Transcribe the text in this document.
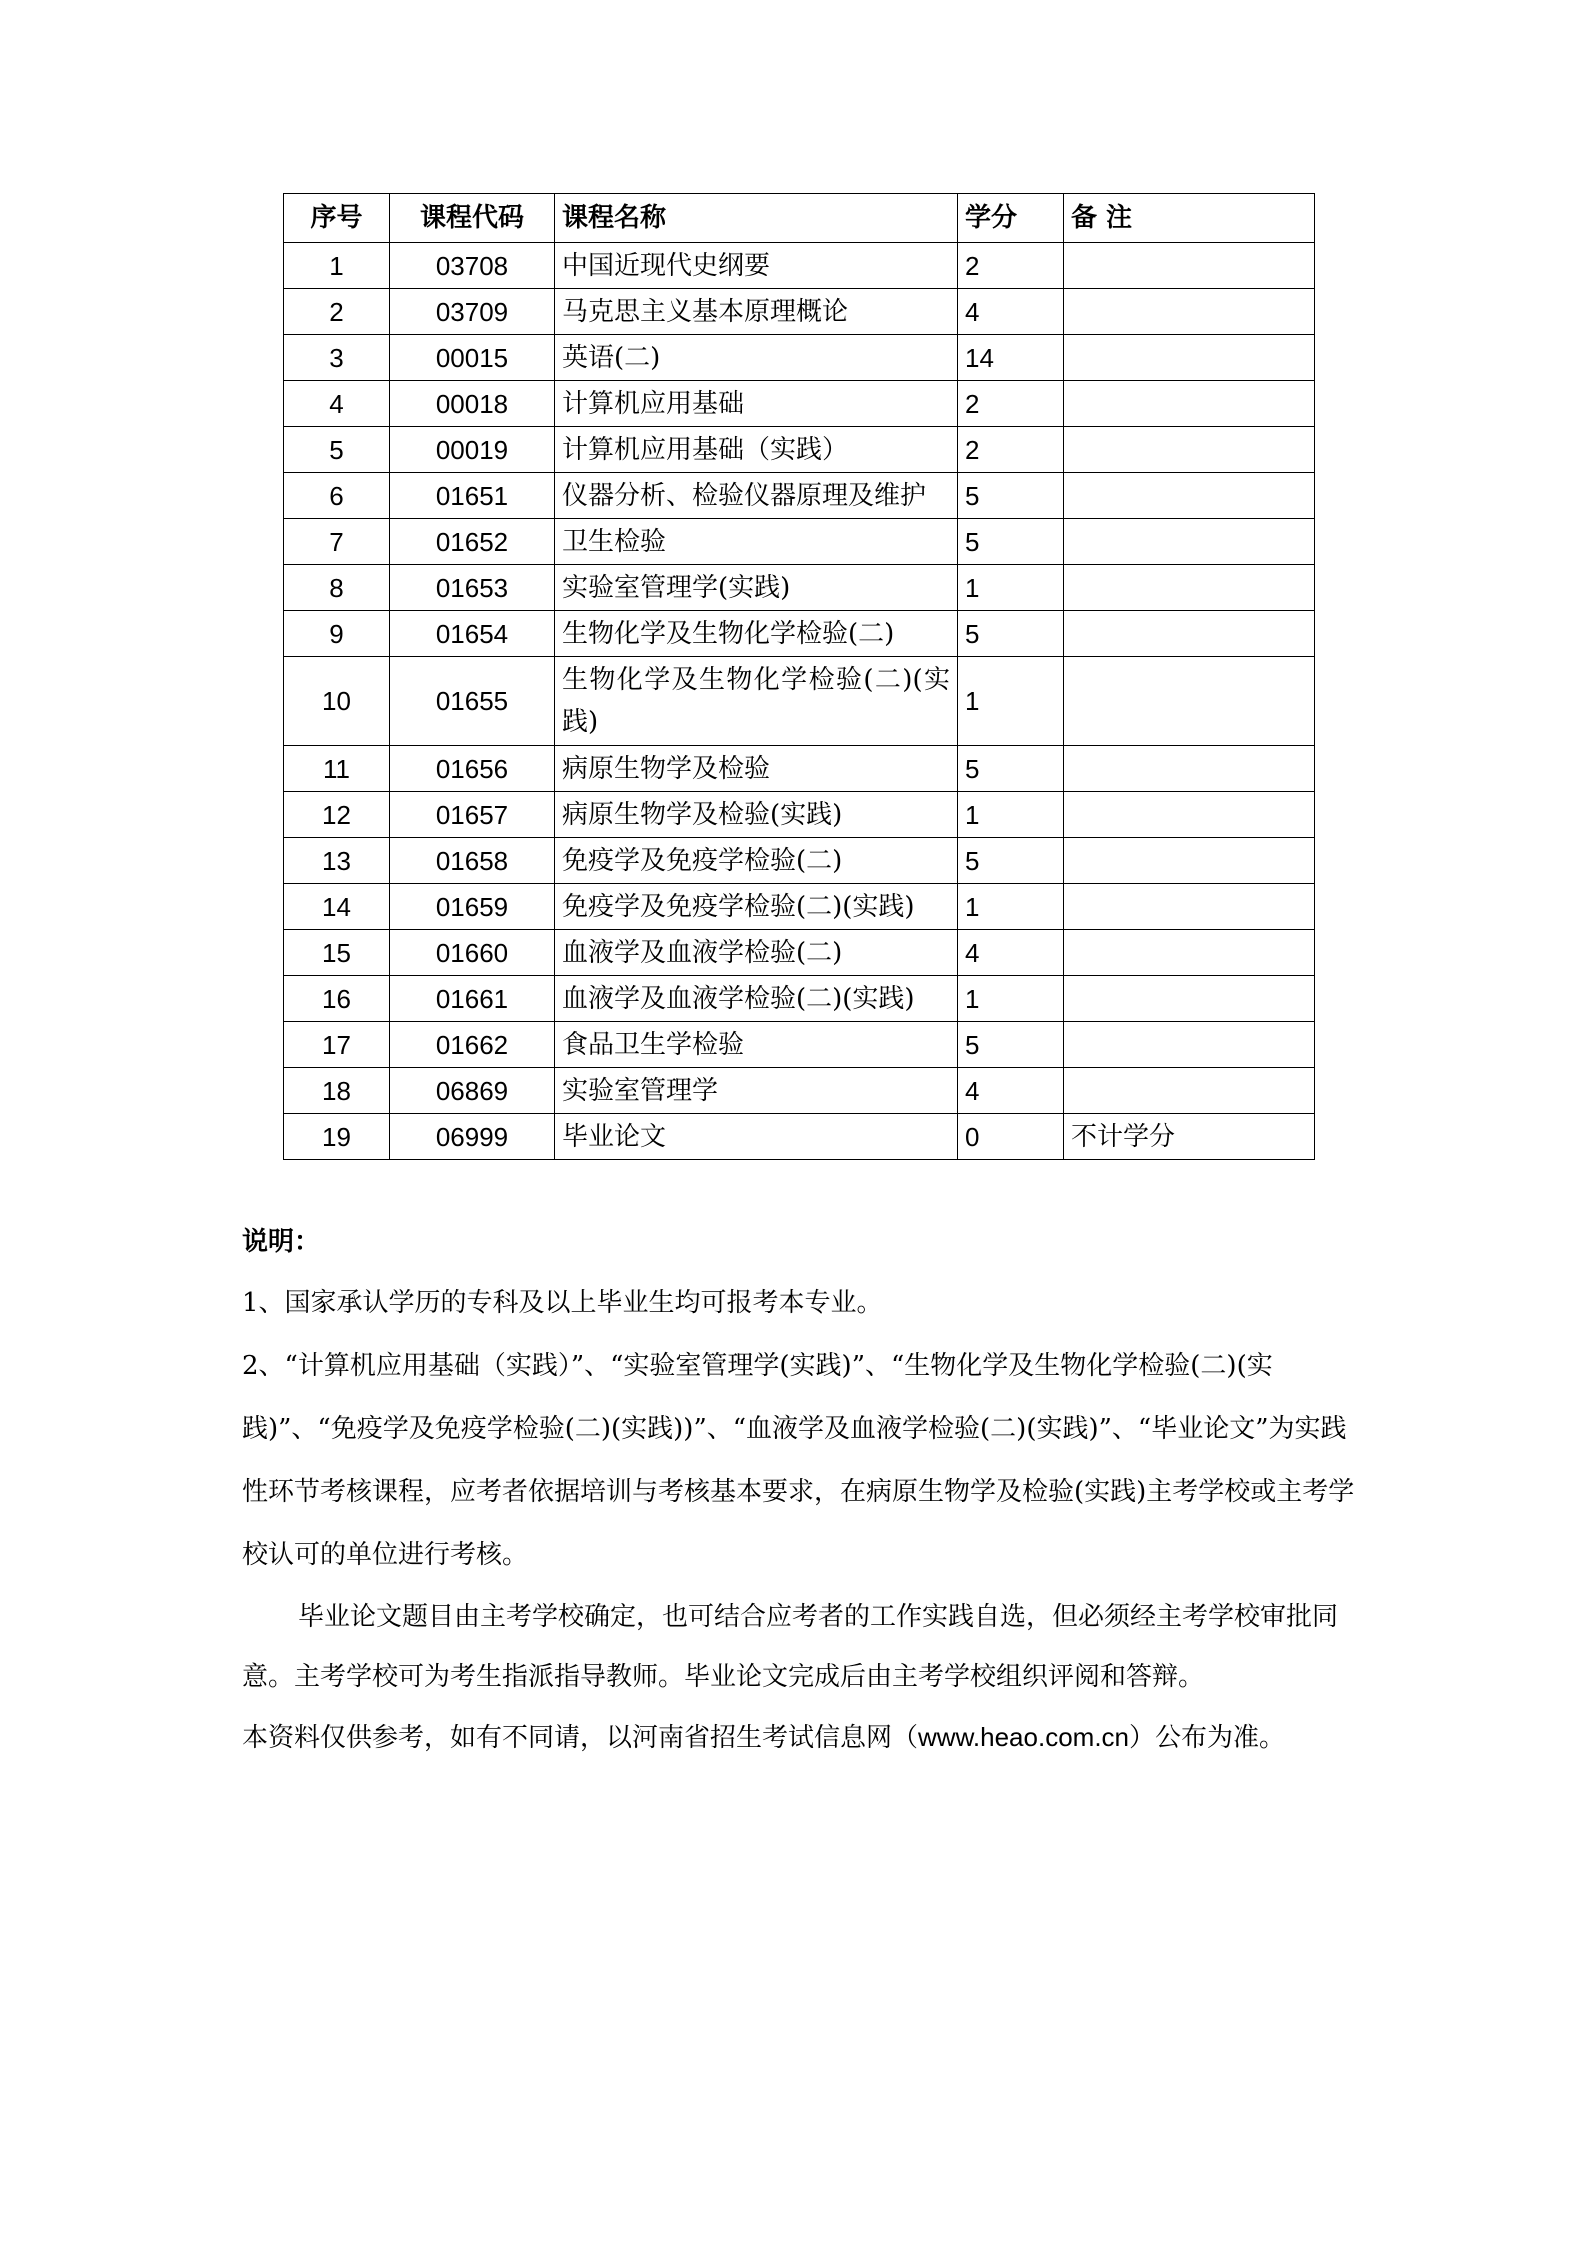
序号	课程代码	课程名称	学分	备 注
1	03708	中国近现代史纲要	2	
2	03709	马克思主义基本原理概论	4	
3	00015	英语(二)	14	
4	00018	计算机应用基础	2	
5	00019	计算机应用基础（实践）	2	
6	01651	仪器分析、检验仪器原理及维护	5	
7	01652	卫生检验	5	
8	01653	实验室管理学(实践)	1	
9	01654	生物化学及生物化学检验(二)	5	
10	01655	生物化学及生物化学检验(二)(实践)	1	
11	01656	病原生物学及检验	5	
12	01657	病原生物学及检验(实践)	1	
13	01658	免疫学及免疫学检验(二)	5	
14	01659	免疫学及免疫学检验(二)(实践)	1	
15	01660	血液学及血液学检验(二)	4	
16	01661	血液学及血液学检验(二)(实践)	1	
17	01662	食品卫生学检验	5	
18	06869	实验室管理学	4	
19	06999	毕业论文	0	不计学分

说明：

1、国家承认学历的专科及以上毕业生均可报考本专业。

2、“计算机应用基础（实践）”、“实验室管理学(实践)”、“生物化学及生物化学检验(二)(实践)”、“免疫学及免疫学检验(二)(实践))”、“血液学及血液学检验(二)(实践)”、“毕业论文”为实践性环节考核课程，应考者依据培训与考核基本要求，在病原生物学及检验(实践)主考学校或主考学校认可的单位进行考核。

毕业论文题目由主考学校确定，也可结合应考者的工作实践自选，但必须经主考学校审批同意。主考学校可为考生指派指导教师。毕业论文完成后由主考学校组织评阅和答辩。

本资料仅供参考，如有不同请，以河南省招生考试信息网（www.heao.com.cn）公布为准。
